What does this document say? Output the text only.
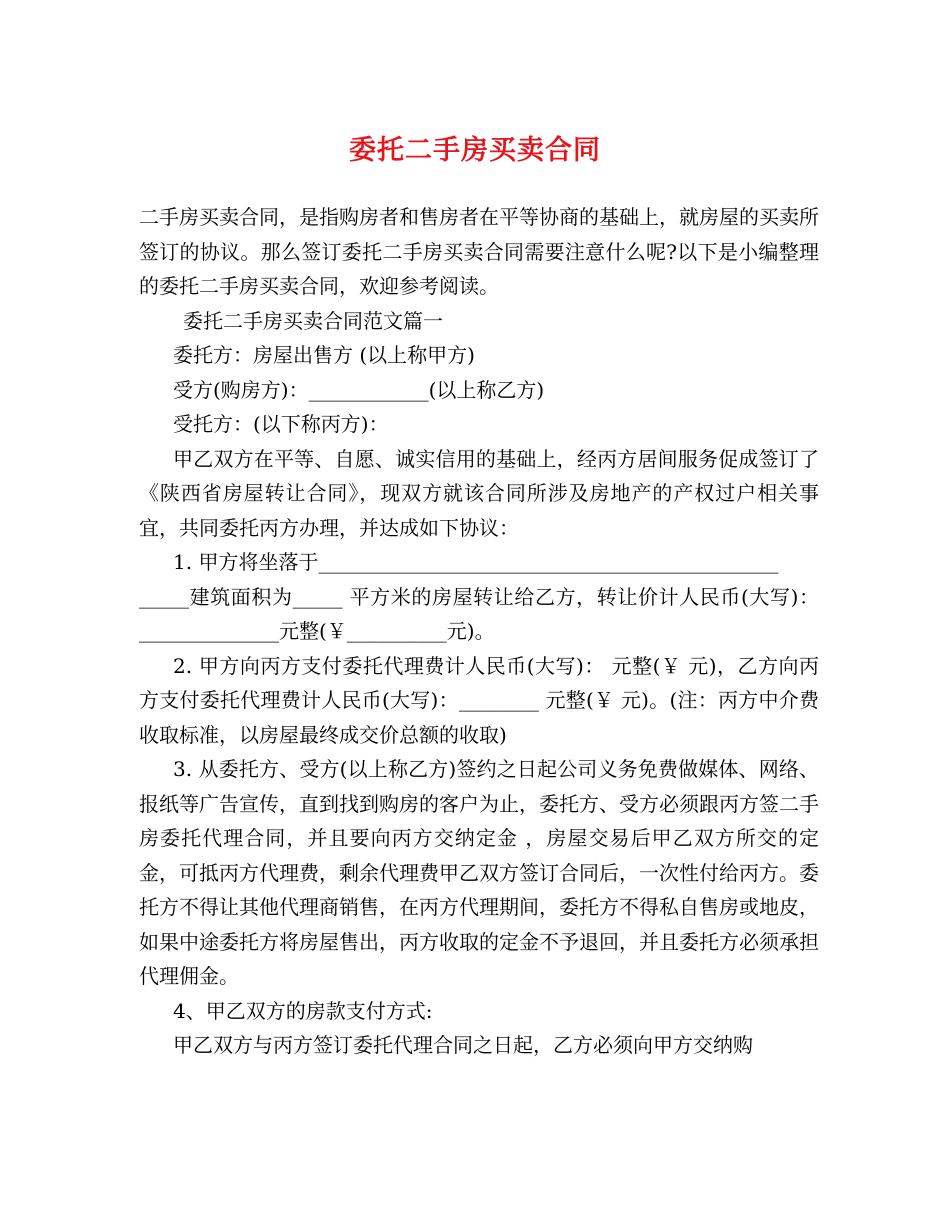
委托二手房买卖合同

二手房买卖合同，是指购房者和售房者在平等协商的基础上，就房屋的买卖所签订的协议。那么签订委托二手房买卖合同需要注意什么呢?以下是小编整理的委托二手房买卖合同，欢迎参考阅读。

委托二手房买卖合同范文篇一

委托方：房屋出售方 (以上称甲方)

受方(购房方)：____________(以上称乙方)

受托方：(以下称丙方)：

甲乙双方在平等、自愿、诚实信用的基础上，经丙方居间服务促成签订了《陕西省房屋转让合同》，现双方就该合同所涉及房地产的产权过户相关事宜，共同委托丙方办理，并达成如下协议：

1. 甲方将坐落于______________________________________________

_____建筑面积为_____ 平方米的房屋转让给乙方，转让价计人民币(大写)： ______________元整(￥__________元)。

2. 甲方向丙方支付委托代理费计人民币(大写)： 元整(￥ 元)，乙方向丙方支付委托代理费计人民币(大写)：________ 元整(￥ 元)。(注：丙方中介费收取标准，以房屋最终成交价总额的收取)

3. 从委托方、受方(以上称乙方)签约之日起公司义务免费做媒体、网络、报纸等广告宣传，直到找到购房的客户为止，委托方、受方必须跟丙方签二手房委托代理合同，并且要向丙方交纳定金 ，房屋交易后甲乙双方所交的定金，可抵丙方代理费，剩余代理费甲乙双方签订合同后，一次性付给丙方。委托方不得让其他代理商销售，在丙方代理期间，委托方不得私自售房或地皮，如果中途委托方将房屋售出，丙方收取的定金不予退回，并且委托方必须承担代理佣金。

4、甲乙双方的房款支付方式:

甲乙双方与丙方签订委托代理合同之日起，乙方必须向甲方交纳购
